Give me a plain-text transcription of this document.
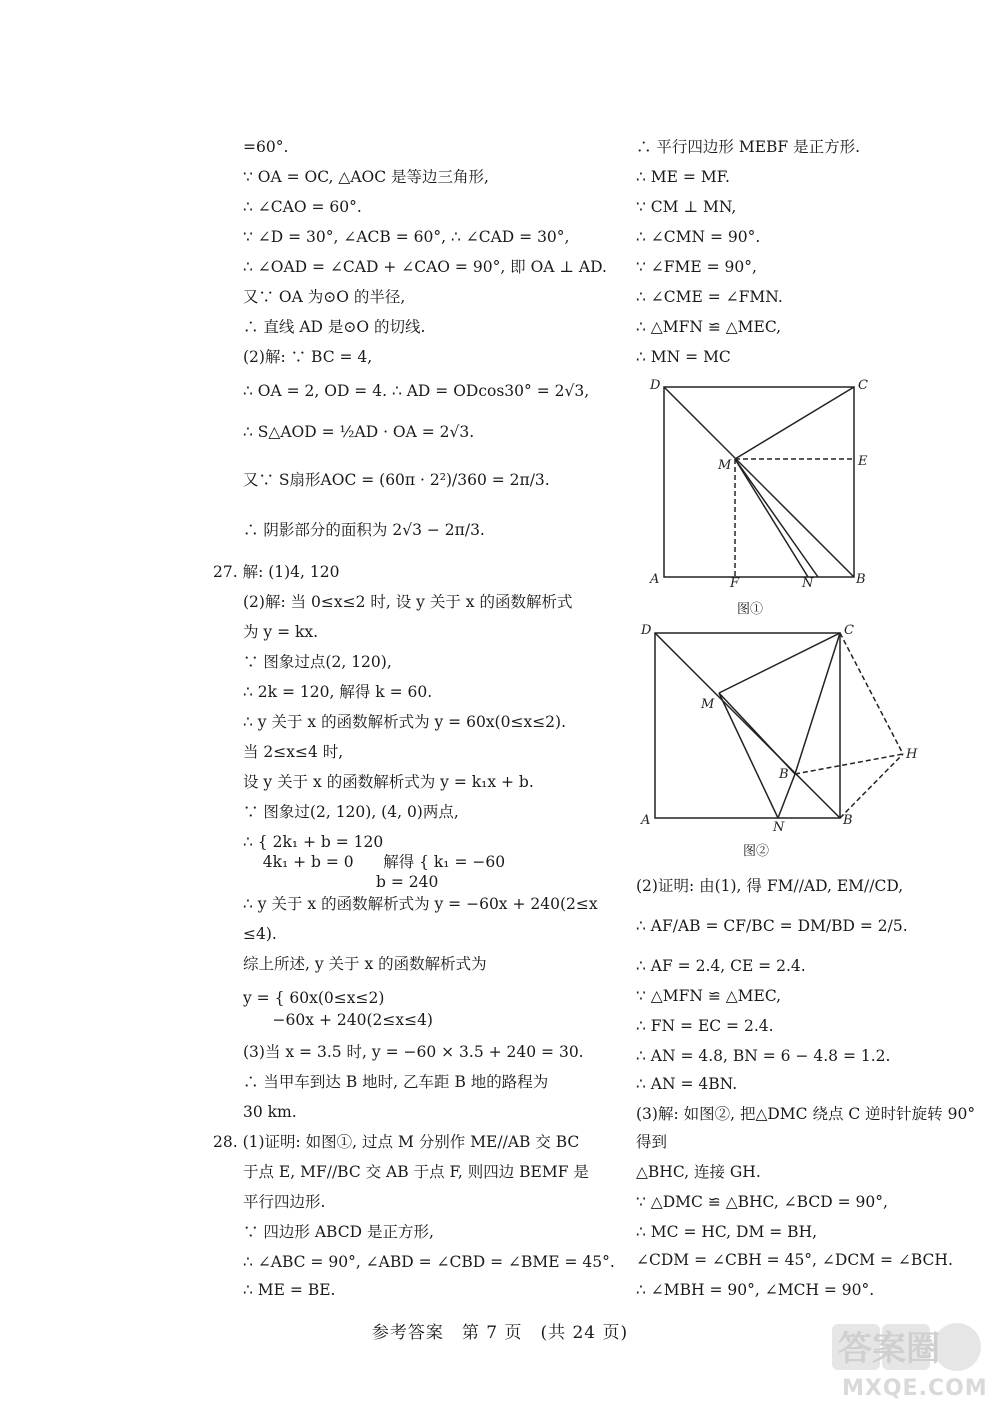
=60°.
∵ OA = OC, △AOC 是等边三角形,
∴ ∠CAO = 60°.
∵ ∠D = 30°, ∠ACB = 60°, ∴ ∠CAD = 30°,
∴ ∠OAD = ∠CAD + ∠CAO = 90°, 即 OA ⊥ AD.
又∵ OA 为⊙O 的半径,
∴ 直线 AD 是⊙O 的切线.
(2)解: ∵ BC = 4,
∴ OA = 2, OD = 4. ∴ AD = ODcos30° = 2√3,
∴ S△AOD = ½AD · OA = 2√3.
又∵ S扇形AOC = (60π · 2²)/360 = 2π/3.
∴ 阴影部分的面积为 2√3 − 2π/3.
27. 解: (1)4, 120
(2)解: 当 0≤x≤2 时, 设 y 关于 x 的函数解析式
为 y = kx.
∵ 图象过点(2, 120),
∴ 2k = 120, 解得 k = 60.
∴ y 关于 x 的函数解析式为 y = 60x(0≤x≤2).
当 2≤x≤4 时,
设 y 关于 x 的函数解析式为 y = k₁x + b.
∵ 图象过(2, 120), (4, 0)两点,
∴ { 2k₁ + b = 120
4k₁ + b = 0      解得 { k₁ = −60
b = 240
∴ y 关于 x 的函数解析式为 y = −60x + 240(2≤x
≤4).
综上所述, y 关于 x 的函数解析式为
y = { 60x(0≤x≤2)
−60x + 240(2≤x≤4)
(3)当 x = 3.5 时, y = −60 × 3.5 + 240 = 30.
∴ 当甲车到达 B 地时, 乙车距 B 地的路程为
30 km.
28. (1)证明: 如图①, 过点 M 分别作 ME//AB 交 BC
于点 E, MF//BC 交 AB 于点 F, 则四边 BEMF 是
平行四边形.
∵ 四边形 ABCD 是正方形,
∴ ∠ABC = 90°, ∠ABD = ∠CBD = ∠BME = 45°.
∴ ME = BE.
∴ 平行四边形 MEBF 是正方形.
∴ ME = MF.
∵ CM ⊥ MN,
∴ ∠CMN = 90°.
∵ ∠FME = 90°,
∴ ∠CME = ∠FMN.
∴ △MFN ≌ △MEC,
∴ MN = MC
D	C
E
M
A	F	N	B
图①
D	C
M
H
B
A	N	B
图②
(2)证明: 由(1), 得 FM//AD, EM//CD,
∴ AF/AB = CF/BC = DM/BD = 2/5.
∴ AF = 2.4, CE = 2.4.
∵ △MFN ≌ △MEC,
∴ FN = EC = 2.4.
∴ AN = 4.8, BN = 6 − 4.8 = 1.2.
∴ AN = 4BN.
(3)解: 如图②, 把△DMC 绕点 C 逆时针旋转 90°
得到
△BHC, 连接 GH.
∵ △DMC ≌ △BHC, ∠BCD = 90°,
∴ MC = HC, DM = BH,
∠CDM = ∠CBH = 45°, ∠DCM = ∠BCH.
∴ ∠MBH = 90°, ∠MCH = 90°.
参考答案　第 7 页　(共 24 页)	答案圈
MXQE.COM
